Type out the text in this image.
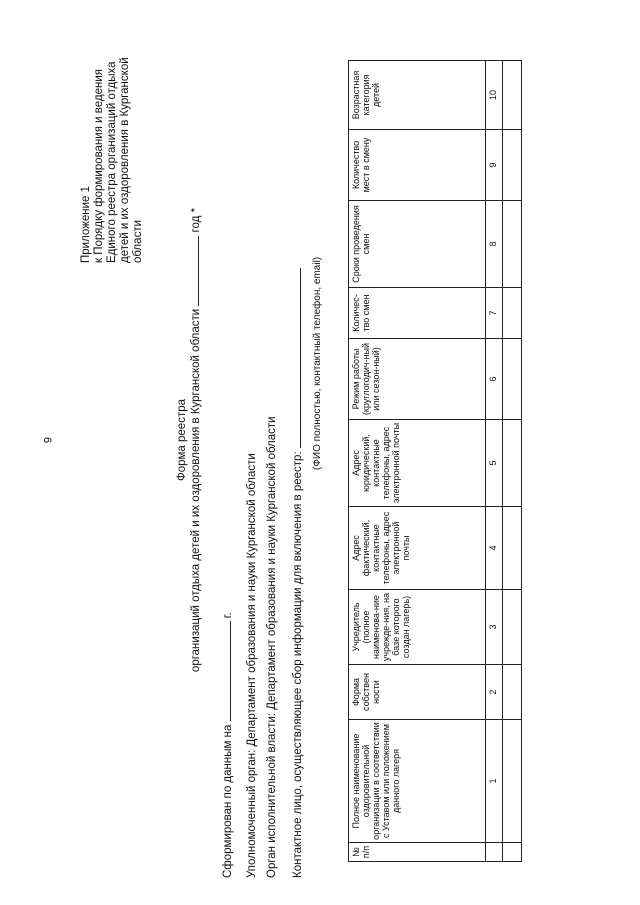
6
Приложение 1 к Порядку формирования и ведения Единого реестра организаций отдыха детей и их оздоровления в Курганской области
Форма реестра организаций отдыха детей и их оздоровления в Курганской области  год *
Сформирован по данным на  г. Уполномоченный орган: Департамент образования и науки Курганской области Орган исполнительной власти: Департамент образования и науки Курганской области Контактное лицо, осуществляющее сбор информации для включения в реестр:
(ФИО полностью, контактный телефон, email)
№ п/п	Полное наименование оздоровительной организации в соответствии с Уставом или положением данного лагеря	Форма собствен ности	Учредитель (полное наименова-ние учрежде-ния, на базе которого создан лагерь)	Адрес фактический, контактные телефоны, адрес электронной почты	Адрес юридический, контактные телефоны, адрес электронной почты	Режим работы (круглогодич-ный или сезон-ный)	Количес-тво смен	Сроки проведения смен	Количество мест в смену	Возрастная категория детей
	1	2	3	4	5	6	7	8	9	10
